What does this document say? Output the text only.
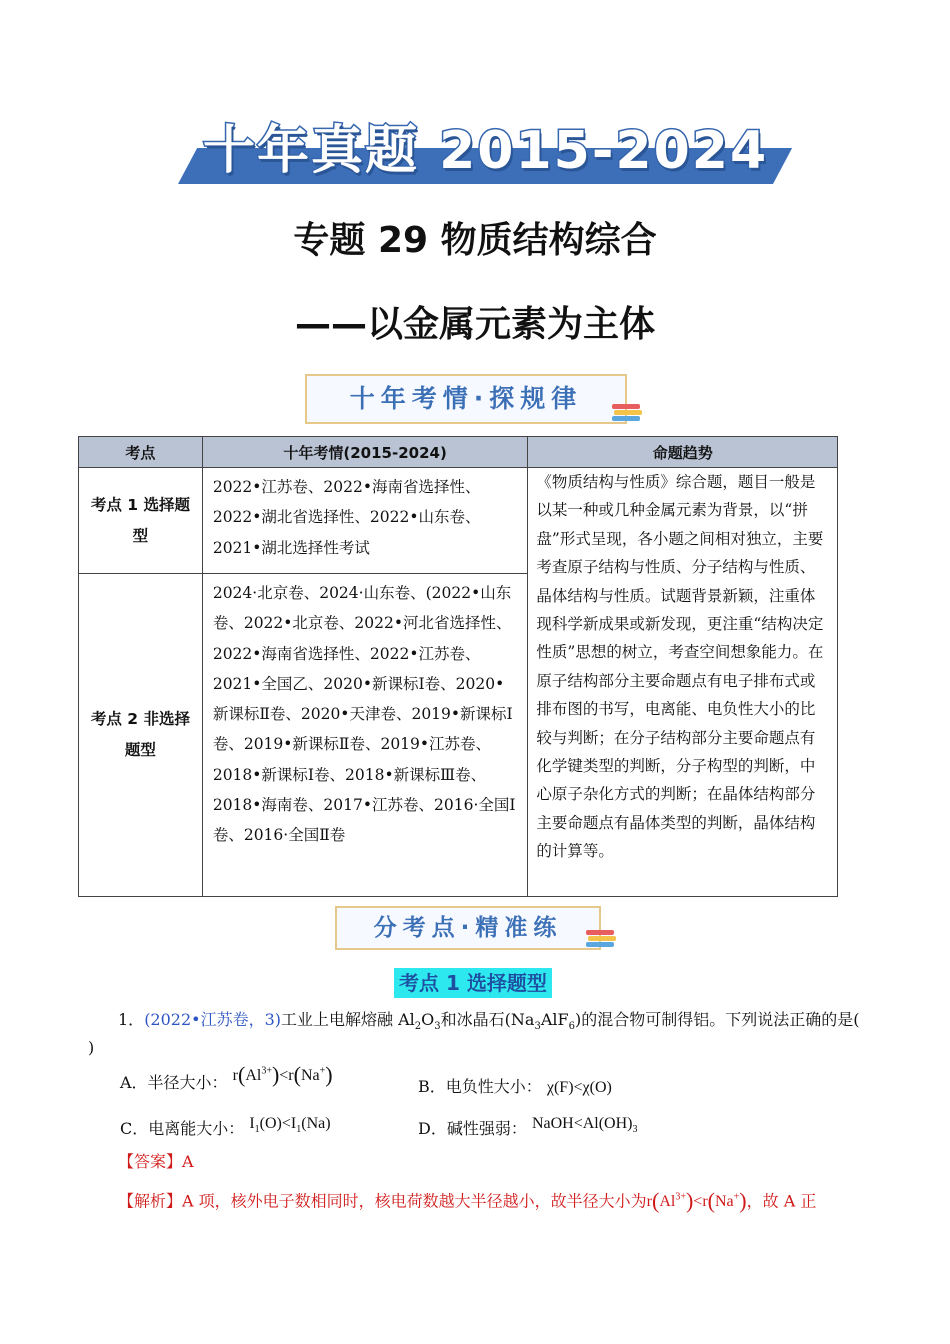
十年真题 2015-2024
专题 29 物质结构综合
——以金属元素为主体
十年考情·探规律
考点	十年考情(2015-2024)	命题趋势

考点 1 选择题
型	2022•江苏卷、2022•海南省选择性、2022•湖北省选择性、2022•山东卷、2021•湖北选择性考试	《物质结构与性质》综合题，题目一般是以某一种或几种金属元素为背景，以“拼盘”形式呈现，各小题之间相对独立，主要考查原子结构与性质、分子结构与性质、晶体结构与性质。试题背景新颖，注重体现科学新成果或新发现，更注重“结构决定性质”思想的树立，考查空间想象能力。在原子结构部分主要命题点有电子排布式或排布图的书写，电离能、电负性大小的比较与判断；在分子结构部分主要命题点有化学键类型的判断，分子构型的判断，中心原子杂化方式的判断；在晶体结构部分主要命题点有晶体类型的判断，晶体结构的计算等。

考点 2 非选择
题型	2024·北京卷、2024·山东卷、(2022•山东卷、2022•北京卷、2022•河北省选择性、2022•海南省选择性、2022•江苏卷、2021•全国乙、2020•新课标Ⅰ卷、2020•新课标Ⅱ卷、2020•天津卷、2019•新课标Ⅰ卷、2019•新课标Ⅱ卷、2019•江苏卷、2018•新课标Ⅰ卷、2018•新课标Ⅲ卷、2018•海南卷、2017•江苏卷、2016·全国Ⅰ卷、2016·全国Ⅱ卷	
分考点·精准练
考点 1 选择题型
1．(2022•江苏卷，3)工业上电解熔融 $Al_2O_3$和冰晶石$(Na_3AlF_6)$的混合物可制得铝。下列说法正确的是(
)
A．半径大小： $r(Al^{3+})<r(Na^+)$	B．电负性大小： χ(F)<χ(O)
C．电离能大小： $I_1(O)<I_1(Na)$	D．碱性强弱： $NaOH<Al(OH)_3$
【答案】A
【解析】A 项，核外电子数相同时，核电荷数越大半径越小，故半径大小为$r(Al^{3+})<r(Na^+)$，故 A 正
